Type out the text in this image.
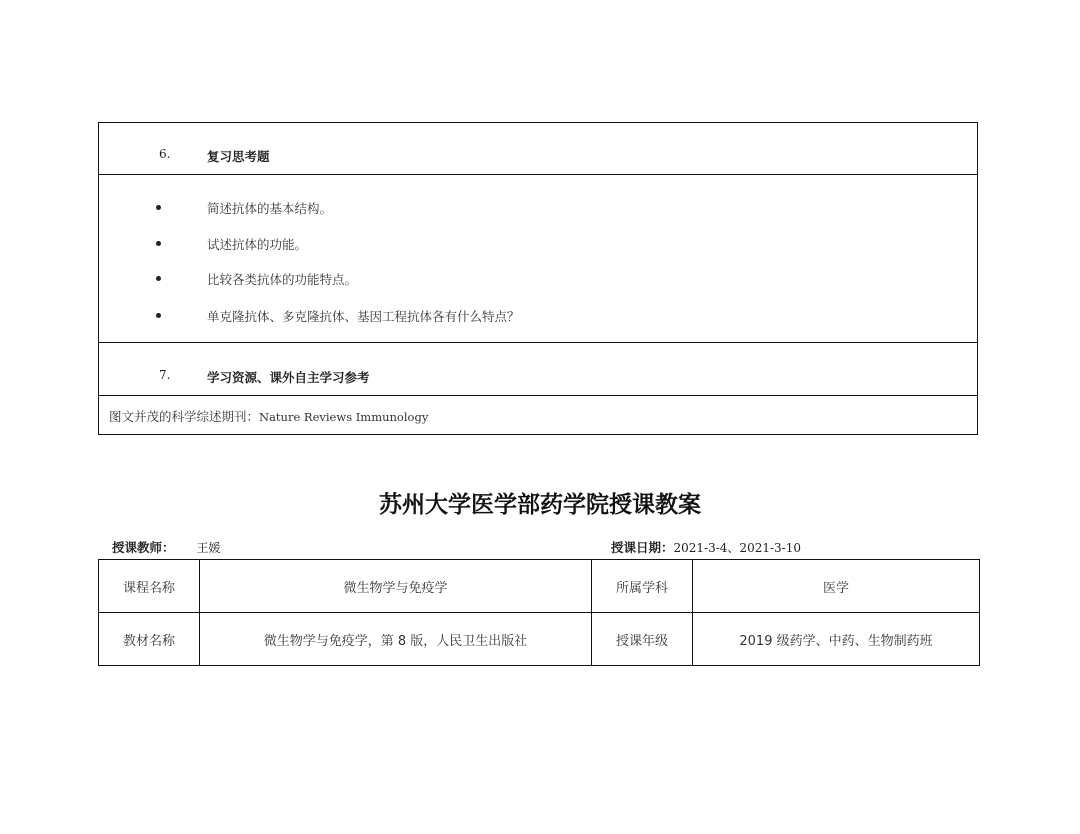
6.	复习思考题
简述抗体的基本结构。
试述抗体的功能。
比较各类抗体的功能特点。
单克隆抗体、多克隆抗体、基因工程抗体各有什么特点？
7.	学习资源、课外自主学习参考
图文并茂的科学综述期刊：Nature Reviews Immunology
苏州大学医学部药学院授课教案
授课教师： 王媛	授课日期：2021-3-4、2021-3-10
课程名称	微生物学与免疫学	所属学科	医学
教材名称	微生物学与免疫学，第 8 版，人民卫生出版社	授课年级	2019 级药学、中药、生物制药班
